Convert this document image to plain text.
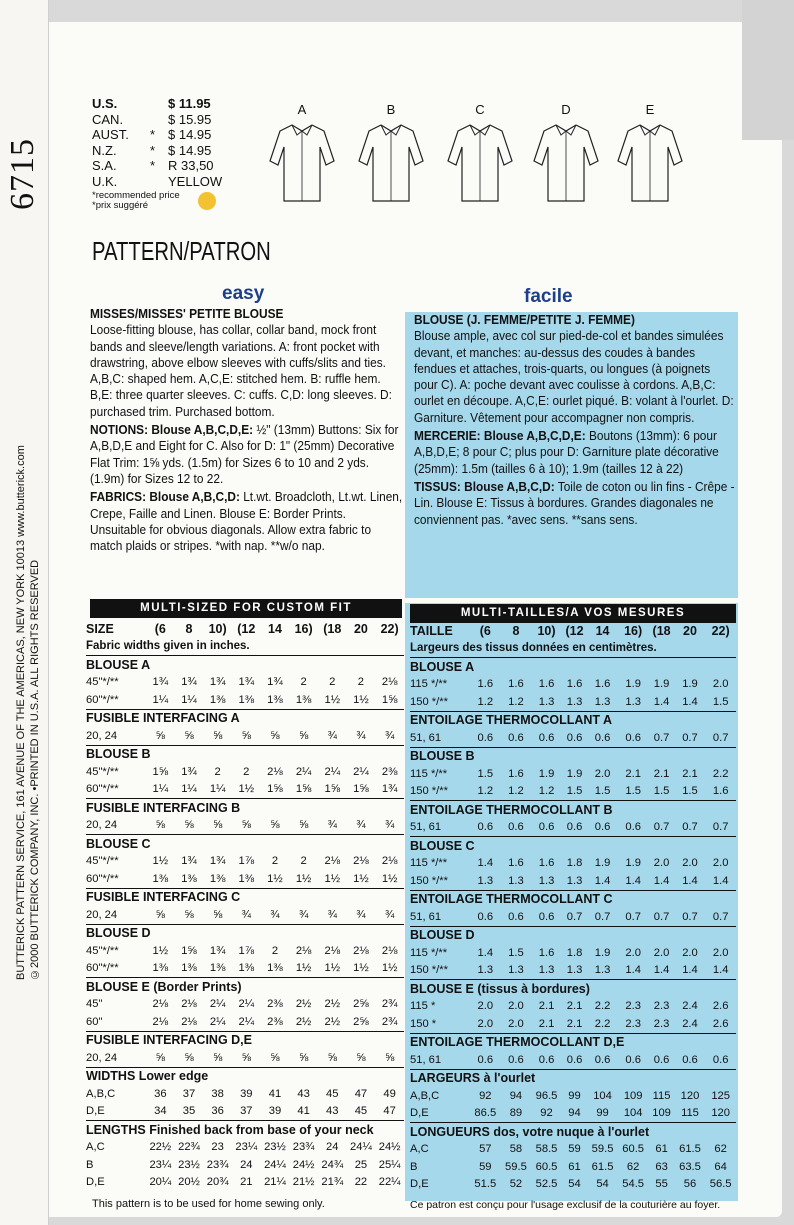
6715
BUTTERICK PATTERN SERVICE, 161 AVENUE OF THE AMERICAS, NEW YORK 10013 www.butterick.com ©2000 BUTTERICK COMPANY, INC. •PRINTED IN U.S.A. ALL RIGHTS RESERVED
U.S.	$ 11.95
CAN.	$ 15.95
AUST.	* $ 14.95
N.Z.	* $ 14.95
S.A.	* R 33,50
U.K.	YELLOW
*recommended price
*prix suggéré
PATTERN/PATRON
A	B	C	D	E
easy	facile
MISSES/MISSES' PETITE BLOUSE
Loose-fitting blouse, has collar, collar band, mock front bands and sleeve/length variations. A: front pocket with drawstring, above elbow sleeves with cuffs/slits and ties. A,B,C: shaped hem. A,C,E: stitched hem. B: ruffle hem. B,E: three quarter sleeves. C: cuffs. C,D: long sleeves. D: purchased trim. Purchased bottom.
NOTIONS: Blouse A,B,C,D,E: ½" (13mm) Buttons: Six for A,B,D,E and Eight for C. Also for D: 1" (25mm) Decorative Flat Trim: 1⅝ yds. (1.5m) for Sizes 6 to 10 and 2 yds. (1.9m) for Sizes 12 to 22.
FABRICS: Blouse A,B,C,D: Lt.wt. Broadcloth, Lt.wt. Linen, Crepe, Faille and Linen. Blouse E: Border Prints. Unsuitable for obvious diagonals. Allow extra fabric to match plaids or stripes. *with nap. **w/o nap.
BLOUSE (J. FEMME/PETITE J. FEMME)
Blouse ample, avec col sur pied-de-col et bandes simulées devant, et manches: au-dessus des coudes à bandes fendues et attaches, trois-quarts, ou longues (à poignets pour C). A: poche devant avec coulisse à cordons. A,B,C: ourlet en découpe. A,C,E: ourlet piqué. B: volant à l'ourlet. D: Garniture. Vêtement pour accompagner non compris.
MERCERIE: Blouse A,B,C,D,E: Boutons (13mm): 6 pour A,B,D,E; 8 pour C; plus pour D: Garniture plate décorative (25mm): 1.5m (tailles 6 à 10); 1.9m (tailles 12 à 22)
TISSUS: Blouse A,B,C,D: Toile de coton ou lin fins - Crêpe - Lin. Blouse E: Tissus à bordures. Grandes diagonales ne conviennent pas. *avec sens. **sans sens.
MULTI-SIZED FOR CUSTOM FIT	MULTI-TAILLES/A VOS MESURES
SIZE	(6	8	10)	(12	14	16)	(18	20	22)
Fabric widths given in inches.									
BLOUSE A									
45"*/**	1¾	1¾	1¾	1¾	1¾	2	2	2	2⅛
60"*/**	1¼	1¼	1⅜	1⅜	1⅜	1⅜	1½	1½	1⅝
FUSIBLE INTERFACING A									
20, 24	⅝	⅝	⅝	⅝	⅝	⅝	¾	¾	¾
BLOUSE B									
45"*/**	1⅝	1¾	2	2	2⅛	2¼	2¼	2¼	2⅜
60"*/**	1¼	1¼	1¼	1½	1⅝	1⅝	1⅝	1⅝	1¾
FUSIBLE INTERFACING B									
20, 24	⅝	⅝	⅝	⅝	⅝	⅝	¾	¾	¾
BLOUSE C									
45"*/**	1½	1¾	1¾	1⅞	2	2	2⅛	2⅛	2⅛
60"*/**	1⅜	1⅜	1⅜	1⅜	1½	1½	1½	1½	1½
FUSIBLE INTERFACING C									
20, 24	⅝	⅝	⅝	¾	¾	¾	¾	¾	¾
BLOUSE D									
45"*/**	1½	1⅝	1¾	1⅞	2	2⅛	2⅛	2⅛	2⅛
60"*/**	1⅜	1⅜	1⅜	1⅜	1⅜	1½	1½	1½	1½
BLOUSE E (Border Prints)									
45"	2⅛	2⅛	2¼	2¼	2⅜	2½	2½	2⅝	2¾
60"	2⅛	2⅛	2¼	2¼	2⅜	2½	2½	2⅝	2¾
FUSIBLE INTERFACING D,E									
20, 24	⅝	⅝	⅝	⅝	⅝	⅝	⅝	⅝	⅝
WIDTHS Lower edge									
A,B,C	36	37	38	39	41	43	45	47	49
D,E	34	35	36	37	39	41	43	45	47
LENGTHS Finished back from base of your neck									
A,C	22½	22¾	23	23¼	23½	23¾	24	24¼	24½
B	23¼	23½	23¾	24	24¼	24½	24¾	25	25¼
D,E	20¼	20½	20¾	21	21¼	21½	21¾	22	22¼
TAILLE	(6	8	10)	(12	14	16)	(18	20	22)
Largeurs des tissus données en centimètres.									
BLOUSE A									
115 */**	1.6	1.6	1.6	1.6	1.6	1.9	1.9	1.9	2.0
150 */**	1.2	1.2	1.3	1.3	1.3	1.3	1.4	1.4	1.5
ENTOILAGE THERMOCOLLANT A									
51, 61	0.6	0.6	0.6	0.6	0.6	0.6	0.7	0.7	0.7
BLOUSE B									
115 */**	1.5	1.6	1.9	1.9	2.0	2.1	2.1	2.1	2.2
150 */**	1.2	1.2	1.2	1.5	1.5	1.5	1.5	1.5	1.6
ENTOILAGE THERMOCOLLANT B									
51, 61	0.6	0.6	0.6	0.6	0.6	0.6	0.7	0.7	0.7
BLOUSE C									
115 */**	1.4	1.6	1.6	1.8	1.9	1.9	2.0	2.0	2.0
150 */**	1.3	1.3	1.3	1.3	1.4	1.4	1.4	1.4	1.4
ENTOILAGE THERMOCOLLANT C									
51, 61	0.6	0.6	0.6	0.7	0.7	0.7	0.7	0.7	0.7
BLOUSE D									
115 */**	1.4	1.5	1.6	1.8	1.9	2.0	2.0	2.0	2.0
150 */**	1.3	1.3	1.3	1.3	1.3	1.4	1.4	1.4	1.4
BLOUSE E (tissus à bordures)									
115 *	2.0	2.0	2.1	2.1	2.2	2.3	2.3	2.4	2.6
150 *	2.0	2.0	2.1	2.1	2.2	2.3	2.3	2.4	2.6
ENTOILAGE THERMOCOLLANT D,E									
51, 61	0.6	0.6	0.6	0.6	0.6	0.6	0.6	0.6	0.6
LARGEURS à l'ourlet									
A,B,C	92	94	96.5	99	104	109	115	120	125
D,E	86.5	89	92	94	99	104	109	115	120
LONGUEURS dos, votre nuque à l'ourlet									
A,C	57	58	58.5	59	59.5	60.5	61	61.5	62
B	59	59.5	60.5	61	61.5	62	63	63.5	64
D,E	51.5	52	52.5	54	54	54.5	55	56	56.5
This pattern is to be used for home sewing only.	Ce patron est conçu pour l'usage exclusif de la couturière au foyer.
